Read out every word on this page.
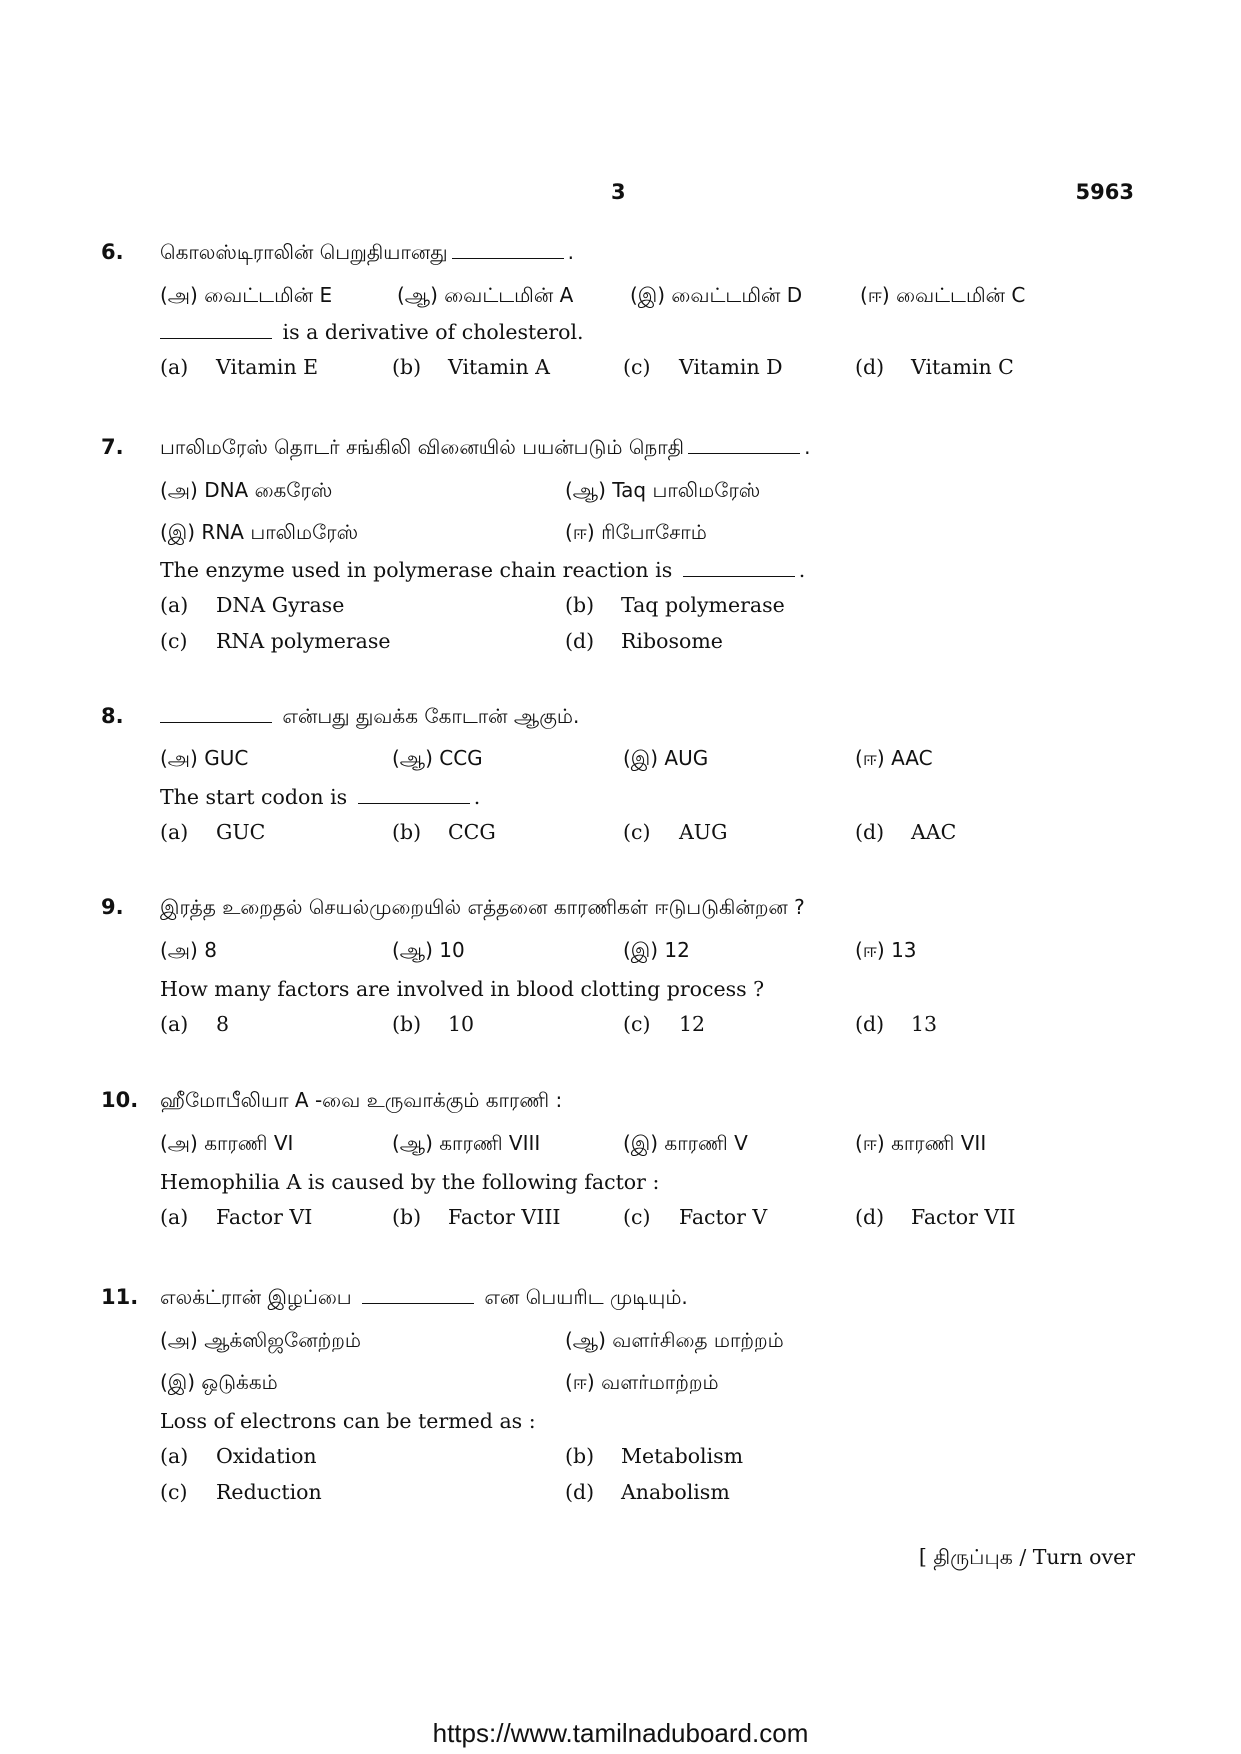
3	5963
6. கொலஸ்டிராலின் பெறுதியானது	.
(அ) வைட்டமின் E	(ஆ) வைட்டமின் A	(இ) வைட்டமின் D	(ஈ) வைட்டமின் C
is a derivative of cholesterol.
(a) Vitamin E	(b) Vitamin A	(c) Vitamin D	(d) Vitamin C
7. பாலிமரேஸ் தொடர் சங்கிலி வினையில் பயன்படும் நொதி	.
(அ) DNA கைரேஸ்	(ஆ) Taq பாலிமரேஸ்
(இ) RNA பாலிமரேஸ்	(ஈ) ரிபோசோம்
The enzyme used in polymerase chain reaction is	.
(a) DNA Gyrase	(b) Taq polymerase
(c) RNA polymerase	(d) Ribosome
8.	என்பது துவக்க கோடான் ஆகும்.
(அ) GUC	(ஆ) CCG	(இ) AUG	(ஈ) AAC
The start codon is	.
(a) GUC	(b) CCG	(c) AUG	(d) AAC
9. இரத்த உறைதல் செயல்முறையில் எத்தனை காரணிகள் ஈடுபடுகின்றன ?
(அ) 8	(ஆ) 10	(இ) 12	(ஈ) 13
How many factors are involved in blood clotting process ?
(a) 8	(b) 10	(c) 12	(d) 13
10. ஹீமோபீலியா A -வை உருவாக்கும் காரணி :
(அ) காரணி VI	(ஆ) காரணி VIII	(இ) காரணி V	(ஈ) காரணி VII
Hemophilia A is caused by the following factor :
(a) Factor VI	(b) Factor VIII	(c) Factor V	(d) Factor VII
11. எலக்ட்ரான் இழப்பை	என பெயரிட முடியும்.
(அ) ஆக்ஸிஜனேற்றம்	(ஆ) வளர்சிதை மாற்றம்
(இ) ஒடுக்கம்	(ஈ) வளர்மாற்றம்
Loss of electrons can be termed as :
(a) Oxidation	(b) Metabolism
(c) Reduction	(d) Anabolism
[ திருப்புக / Turn over
https://www.tamilnaduboard.com
